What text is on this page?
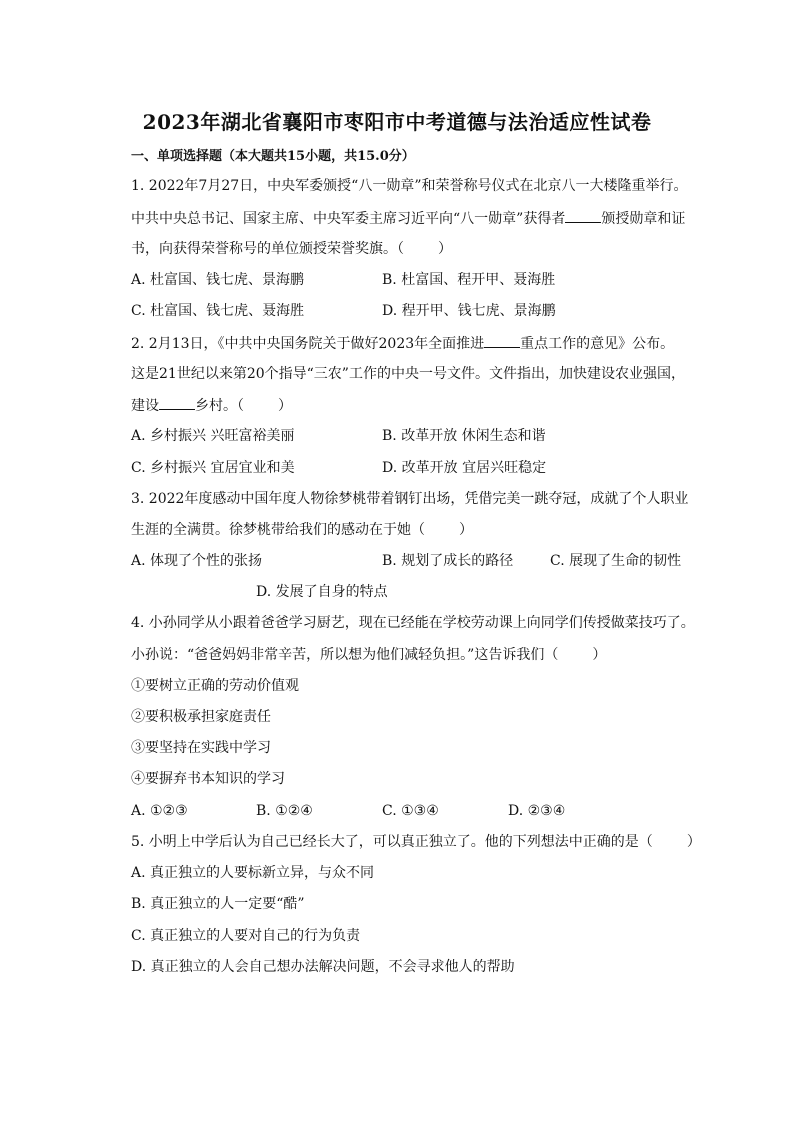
2023年湖北省襄阳市枣阳市中考道德与法治适应性试卷
一、单项选择题（本大题共15小题，共15.0分）
1. 2022年7月27日，中央军委颁授“八一勋章”和荣誉称号仪式在北京八一大楼隆重举行。
中共中央总书记、国家主席、中央军委主席习近平向“八一勋章”获得者	颁授勋章和证
书，向获得荣誉称号的单位颁授荣誉奖旗。（ ）
A. 杜富国、钱七虎、景海鹏	B. 杜富国、程开甲、聂海胜
C. 杜富国、钱七虎、聂海胜	D. 程开甲、钱七虎、景海鹏
2. 2月13日，《中共中央国务院关于做好2023年全面推进	重点工作的意见》公布。
这是21世纪以来第20个指导“三农”工作的中央一号文件。文件指出，加快建设农业强国，
建设	乡村。（ ）
A. 乡村振兴 兴旺富裕美丽	B. 改革开放 休闲生态和谐
C. 乡村振兴 宜居宜业和美	D. 改革开放 宜居兴旺稳定
3. 2022年度感动中国年度人物徐梦桃带着钢钉出场，凭借完美一跳夺冠，成就了个人职业
生涯的全满贯。徐梦桃带给我们的感动在于她（ ）
A. 体现了个性的张扬	B. 规划了成长的路径	C. 展现了生命的韧性
D. 发展了自身的特点
4. 小孙同学从小跟着爸爸学习厨艺，现在已经能在学校劳动课上向同学们传授做菜技巧了。
小孙说：“爸爸妈妈非常辛苦，所以想为他们减轻负担。”这告诉我们（ ）
①要树立正确的劳动价值观
②要积极承担家庭责任
③要坚持在实践中学习
④要摒弃书本知识的学习
A. ①②③	B. ①②④	C. ①③④	D. ②③④
5. 小明上中学后认为自己已经长大了，可以真正独立了。他的下列想法中正确的是（ ）
A. 真正独立的人要标新立异，与众不同
B. 真正独立的人一定要“酷”
C. 真正独立的人要对自己的行为负责
D. 真正独立的人会自己想办法解决问题，不会寻求他人的帮助
